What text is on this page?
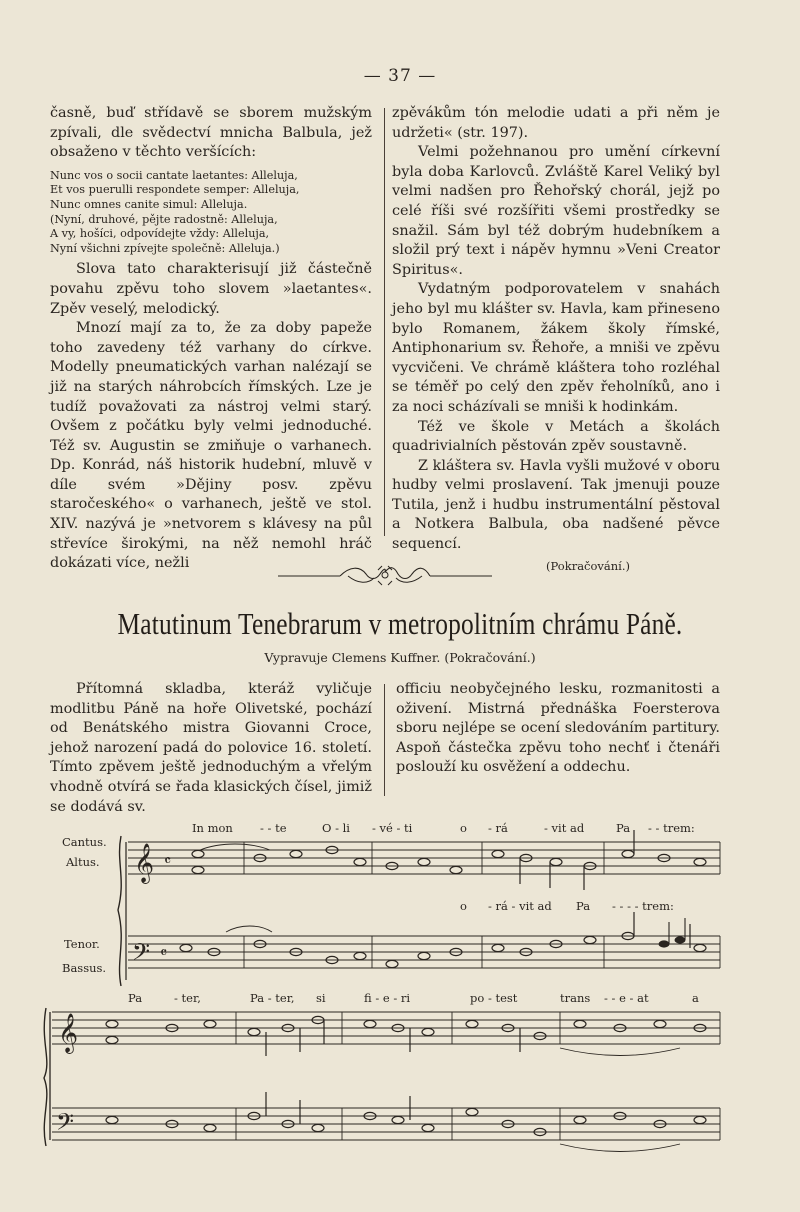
— 37 —

časně, buď střídavě se sborem mužským zpívali, dle svědectví mnicha Balbula, jež obsaženo v těchto veršících:

Nunc vos o socii cantate laetantes: Alleluja,
Et vos puerulli respondete semper: Alleluja,
Nunc omnes canite simul: Alleluja.
(Nyní, druhové, pějte radostně: Alleluja,
A vy, hošíci, odpovídejte vždy: Alleluja,
Nyní všichni zpívejte společně: Alleluja.)

Slova tato charakterisují již částečně povahu zpěvu toho slovem »laetantes«. Zpěv veselý, melodický.

Mnozí mají za to, že za doby papeže toho zavedeny též varhany do církve. Modelly pneumatických varhan nalézají se již na starých náhrobcích římských. Lze je tudíž považovati za nástroj velmi starý. Ovšem z počátku byly velmi jednoduché. Též sv. Augustin se zmiňuje o varhanech. Dp. Konrád, náš historik hudební, mluvě v díle svém »Dějiny posv. zpěvu staročeského« o varhanech, ještě ve stol. XIV. nazývá je »netvorem s klávesy na půl střevíce širokými, na něž nemohl hráč dokázati více, nežli

zpěvákům tón melodie udati a při něm je udržeti« (str. 197).

Velmi požehnanou pro umění církevní byla doba Karlovců. Zvláště Karel Veliký byl velmi nadšen pro Řehořský chorál, jejž po celé říši své rozšířiti všemi prostředky se snažil. Sám byl též dobrým hudebníkem a složil prý text i nápěv hymnu »Veni Creator Spiritus«.

Vydatným podporovatelem v snahách jeho byl mu klášter sv. Havla, kam přineseno bylo Romanem, žákem školy římské, Antiphonarium sv. Řehoře, a mniši ve zpěvu vycvičeni. Ve chrámě kláštera toho rozléhal se téměř po celý den zpěv řeholníků, ano i za noci scházívali se mniši k hodinkám.

Též ve škole v Metách a školách quadrivialních pěstován zpěv soustavně.

Z kláštera sv. Havla vyšli mužové v oboru hudby velmi proslavení. Tak jmenuji pouze Tutila, jenž i hudbu instrumentální pěstoval a Notkera Balbula, oba nadšené pěvce sequencí.

(Pokračování.)

Matutinum Tenebrarum v metropolitním chrámu Páně.
Vypravuje Clemens Kuffner. (Pokračování.)

Přítomná skladba, kteráž vyličuje modlitbu Páně na hoře Olivetské, pochází od Benátského mistra Giovanni Croce, jehož narození padá do polovice 16. století. Tímto zpěvem ještě jednoduchým a vřelým vhodně otvírá se řada klasických čísel, jimiž se dodává sv.

officiu neobyčejného lesku, rozmanitosti a oživení. Mistrná přednáška Foersterova sboru nejlépe se ocení sledováním partitury. Aspoň částečka zpěvu toho nechť i čtenáři poslouží ku osvěžení a oddechu.

Cantus.
Altus.
Tenor.
Bassus.
In mon - - te	O - li - vé - ti	o - rá	- vit ad	Pa - - trem:
o - rá - vit ad Pa - - - - trem:
𝄞 𝄴
𝄢 𝄴
Pa	- ter,	Pa - ter, si	fi - e - ri	po - test	trans - - e - at	a
𝄞
𝄢
